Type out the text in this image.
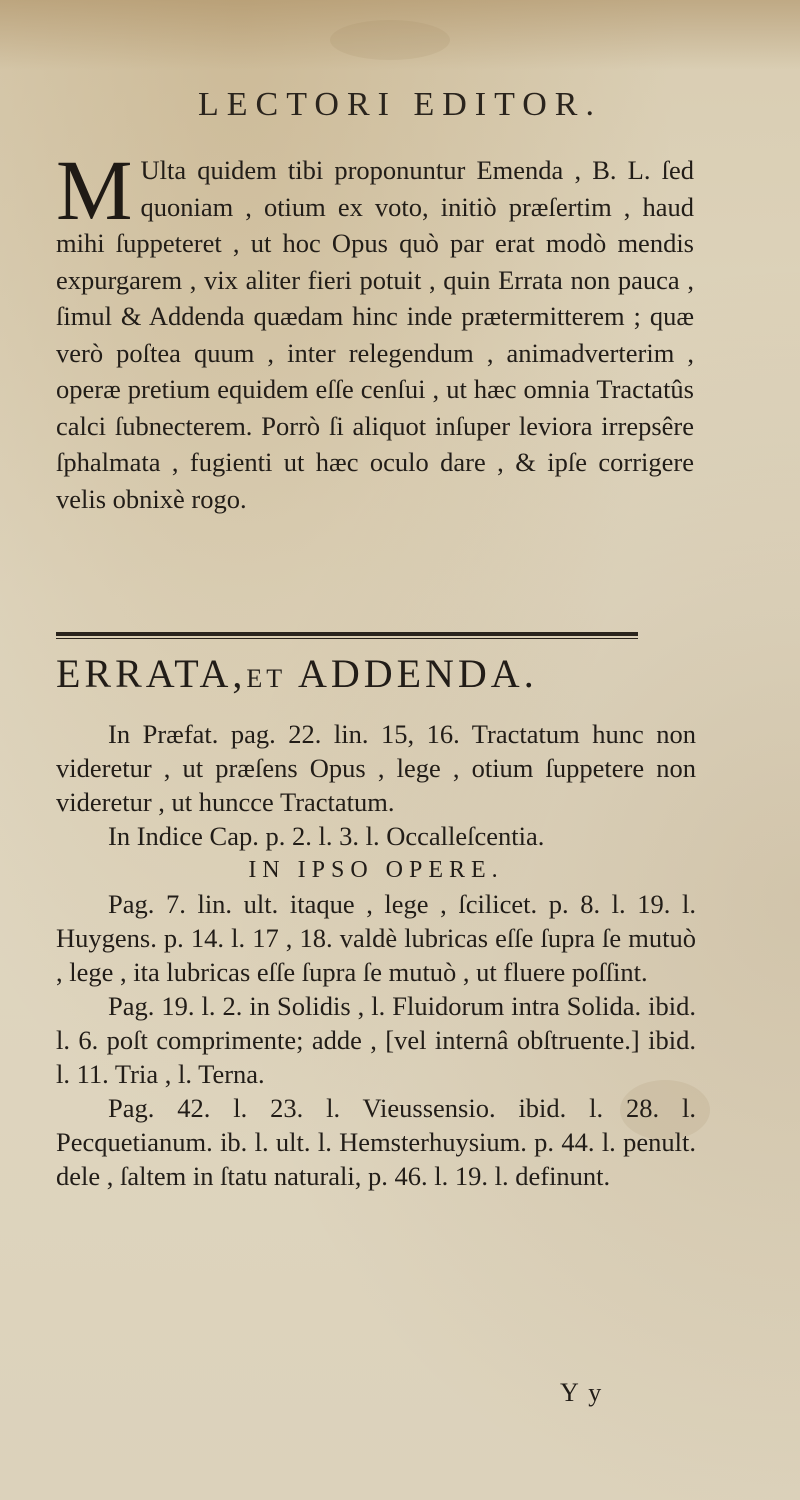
LECTORI EDITOR.
M Ulta quidem tibi proponuntur Emenda , B. L. ſed quoniam , otium ex voto, initiò præſertim , haud mihi ſuppeteret , ut hoc Opus quò par erat modò mendis expurgarem , vix aliter fieri potuit , quin Errata non pauca , ſimul & Addenda quædam hinc inde prætermitterem ; quæ verò poſtea quum , inter relegendum , animadverterim , operæ pretium equidem eſſe cenſui , ut hæc omnia Tractatûs calci ſubnecterem. Porrò ſi aliquot inſuper leviora irrepsêre ſphalmata , fugienti ut hæc oculo dare , & ipſe corrigere velis obnixè rogo.

ERRATA,ET ADDENDA.

In Præfat. pag. 22. lin. 15, 16. Tractatum hunc non videretur , ut præſens Opus , lege , otium ſuppetere non videretur , ut huncce Tractatum.

In Indice Cap. p. 2. l. 3. l. Occalleſcentia.

IN IPSO OPERE.

Pag. 7. lin. ult. itaque , lege , ſcilicet. p. 8. l. 19. l. Huygens. p. 14. l. 17 , 18. valdè lubricas eſſe ſupra ſe mutuò , lege , ita lubricas eſſe ſupra ſe mutuò , ut fluere poſſint.

Pag. 19. l. 2. in Solidis , l. Fluidorum intra Solida. ibid. l. 6. poſt comprimente; adde , [vel internâ obſtruente.] ibid. l. 11. Tria , l. Terna.

Pag. 42. l. 23. l. Vieussensio. ibid. l. 28. l. Pecquetianum. ib. l. ult. l. Hemsterhuysium. p. 44. l. penult. dele , ſaltem in ſtatu naturali, p. 46. l. 19. l. definunt.

Y y
